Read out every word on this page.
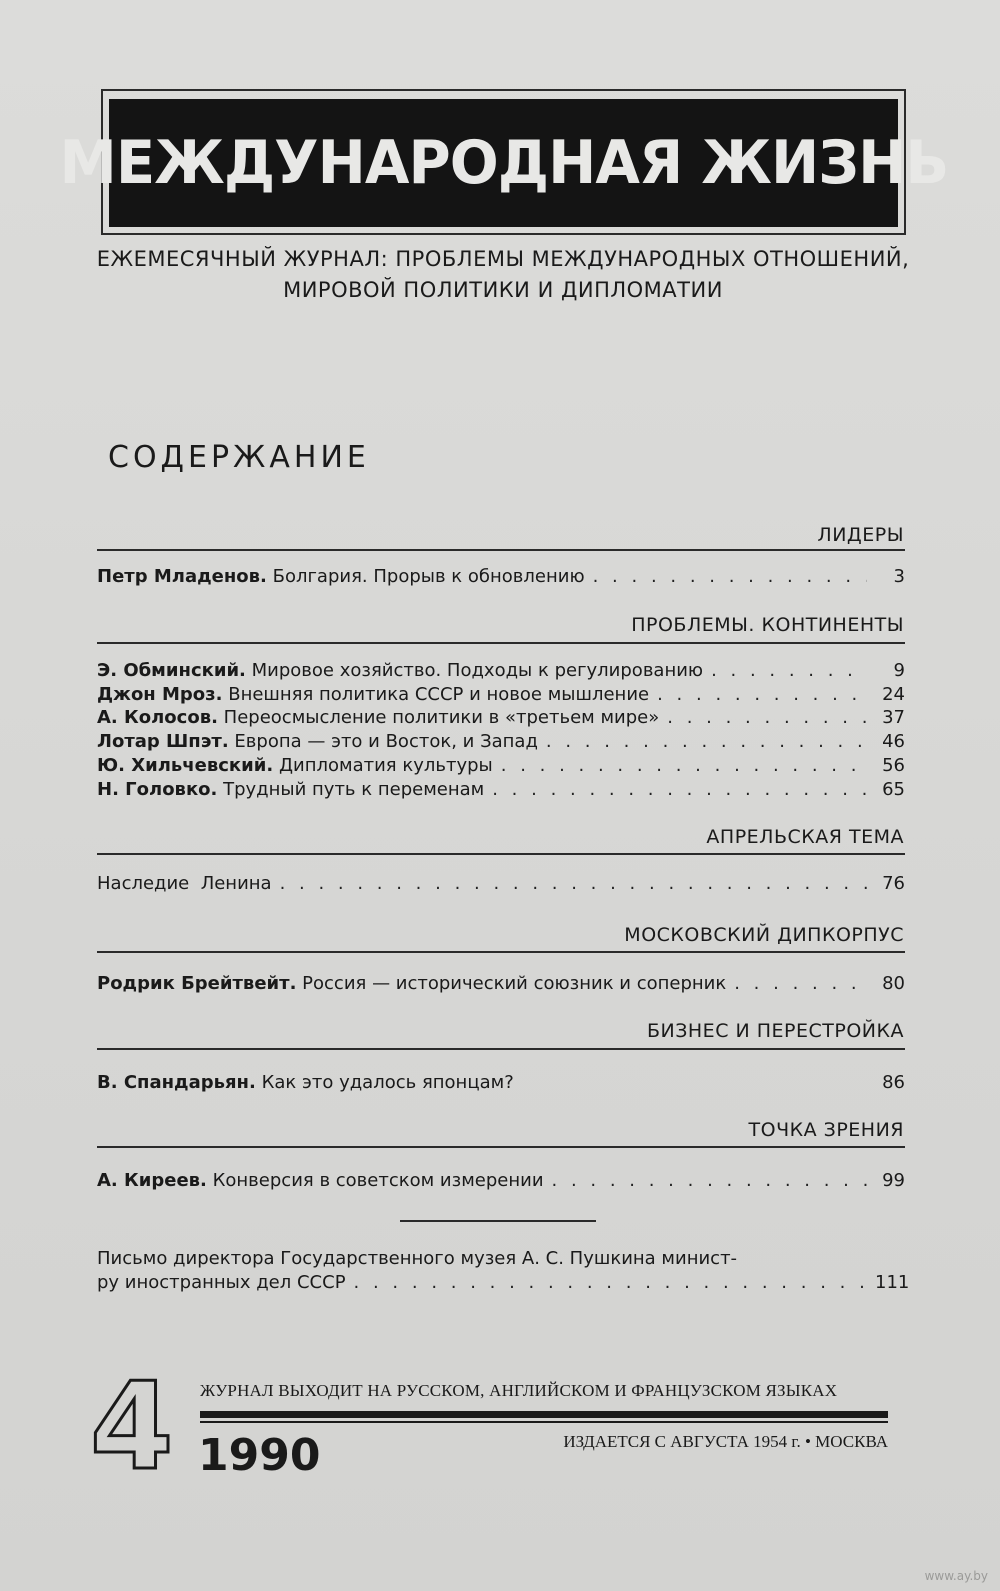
МЕЖДУНАРОДНАЯ ЖИЗНЬ
ЕЖЕМЕСЯЧНЫЙ ЖУРНАЛ: ПРОБЛЕМЫ МЕЖДУНАРОДНЫХ ОТНОШЕНИЙ,
МИРОВОЙ ПОЛИТИКИ И ДИПЛОМАТИИ
СОДЕРЖАНИЕ
ЛИДЕРЫ
Петр Младенов. Болгария. Прорыв к обновлению . . .	3
ПРОБЛЕМЫ. КОНТИНЕНТЫ
Э. Обминский. Мировое хозяйство. Подходы к регулированию . . .	9
Джон Мроз. Внешняя политика СССР и новое мышление . . .	24
А. Колосов. Переосмысление политики в «третьем мире» . . .	37
Лотар Шпэт. Европа — это и Восток, и Запад . . .	46
Ю. Хильчевский. Дипломатия культуры . . .	56
Н. Головко. Трудный путь к переменам . . .	65
АПРЕЛЬСКАЯ ТЕМА
Наследие  Ленина . . .	76
МОСКОВСКИЙ ДИПКОРПУС
Родрик Брейтвейт. Россия — исторический союзник и соперник . . .	80
БИЗНЕС И ПЕРЕСТРОЙКА
В. Спандарьян. Как это удалось японцам?	86
ТОЧКА ЗРЕНИЯ
А. Киреев. Конверсия в советском измерении . . .	99
Письмо директора Государственного музея А. С. Пушкина минист-
ру иностранных дел СССР . . .	111
4 ЖУРНАЛ ВЫХОДИТ НА РУССКОМ, АНГЛИЙСКОМ И ФРАНЦУЗСКОМ ЯЗЫКАХ
1990	ИЗДАЕТСЯ С АВГУСТА 1954 г. • МОСКВА
www.ay.by
